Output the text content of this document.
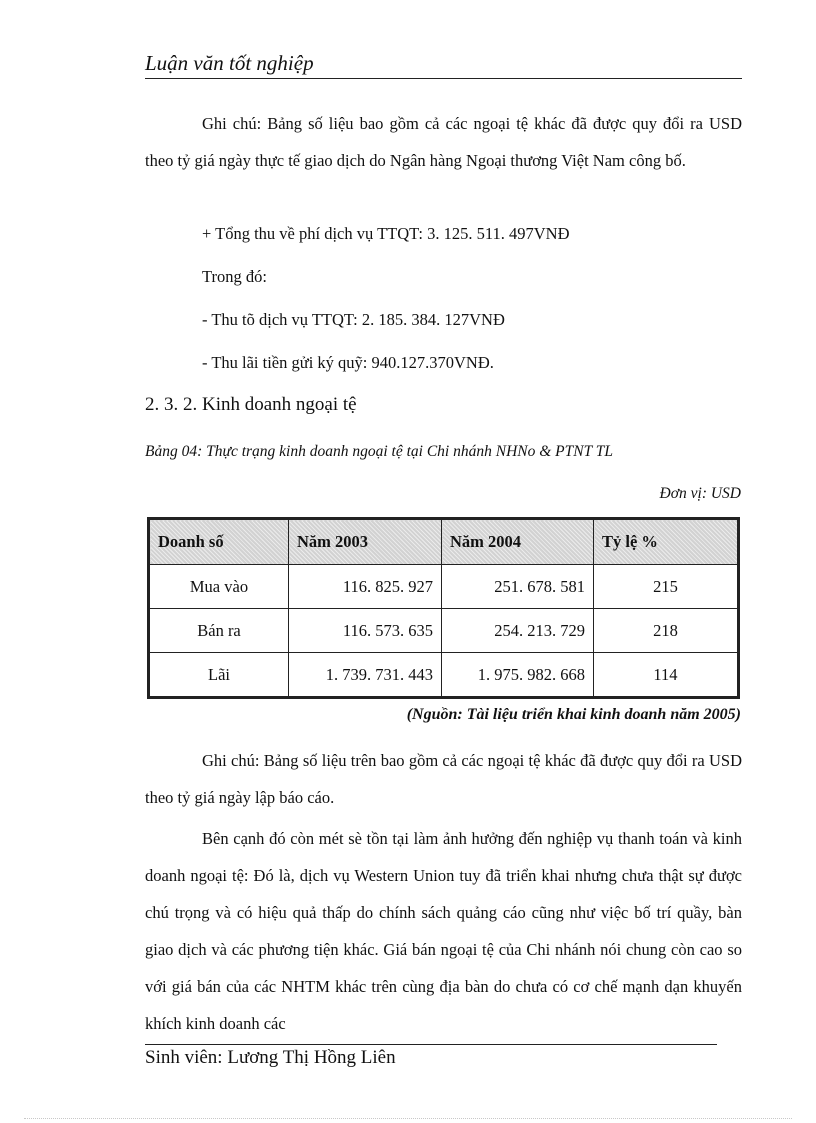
Luận văn tốt nghiệp

Ghi chú: Bảng số liệu bao gồm cả các ngoại tệ khác đã được quy đổi ra USD theo tỷ giá ngày thực tế giao dịch do Ngân hàng Ngoại thương Việt Nam công bố.

+ Tổng thu về phí dịch vụ TTQT: 3. 125. 511. 497VNĐ
Trong đó:
- Thu tõ dịch vụ TTQT: 2. 185. 384. 127VNĐ
- Thu lãi tiền gửi ký quỹ: 940.127.370VNĐ.
2. 3. 2. Kinh doanh ngoại tệ
Bảng 04: Thực trạng kinh doanh ngoại tệ tại Chi nhánh NHNo & PTNT TL
Đơn vị: USD
Doanh số	Năm 2003	Năm 2004	Tỷ lệ %
Mua vào	116. 825. 927	251. 678. 581	215
Bán ra	116. 573. 635	254. 213. 729	218
Lãi	1. 739. 731. 443	1. 975. 982. 668	114
(Nguồn: Tài liệu triển khai kinh doanh năm 2005)

Ghi chú: Bảng số liệu trên bao gồm cả các ngoại tệ khác đã được quy đổi ra USD theo tỷ giá ngày lập báo cáo.

Bên cạnh đó còn mét sè tồn tại làm ảnh hưởng đến nghiệp vụ thanh toán và kinh doanh ngoại tệ: Đó là, dịch vụ Western Union tuy đã triển khai nhưng chưa thật sự được chú trọng và có hiệu quả thấp do chính sách quảng cáo cũng như việc bố trí quầy, bàn giao dịch và các phương tiện khác. Giá bán ngoại tệ của Chi nhánh nói chung còn cao so với giá bán của các NHTM khác trên cùng địa bàn do chưa có cơ chế mạnh dạn khuyến khích kinh doanh các

Sinh viên: Lương Thị Hồng Liên
